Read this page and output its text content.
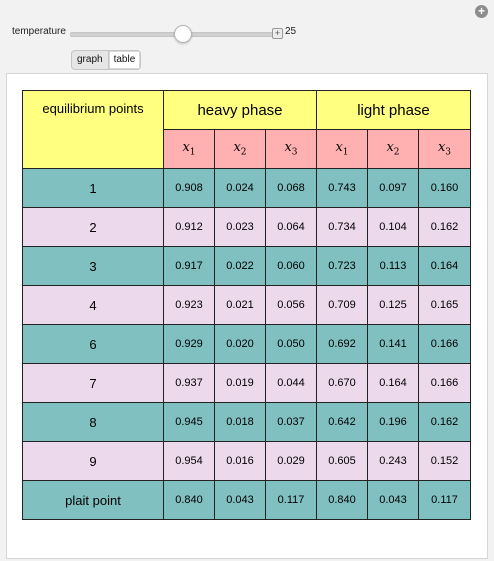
+
temperature	+ 25
graph	table
equilibrium points	heavy phase			light phase		
	$x_1$	$x_2$	$x_3$	$x_1$	$x_2$	$x_3$
1	0.908	0.024	0.068	0.743	0.097	0.160
2	0.912	0.023	0.064	0.734	0.104	0.162
3	0.917	0.022	0.060	0.723	0.113	0.164
4	0.923	0.021	0.056	0.709	0.125	0.165
6	0.929	0.020	0.050	0.692	0.141	0.166
7	0.937	0.019	0.044	0.670	0.164	0.166
8	0.945	0.018	0.037	0.642	0.196	0.162
9	0.954	0.016	0.029	0.605	0.243	0.152
plait point	0.840	0.043	0.117	0.840	0.043	0.117
